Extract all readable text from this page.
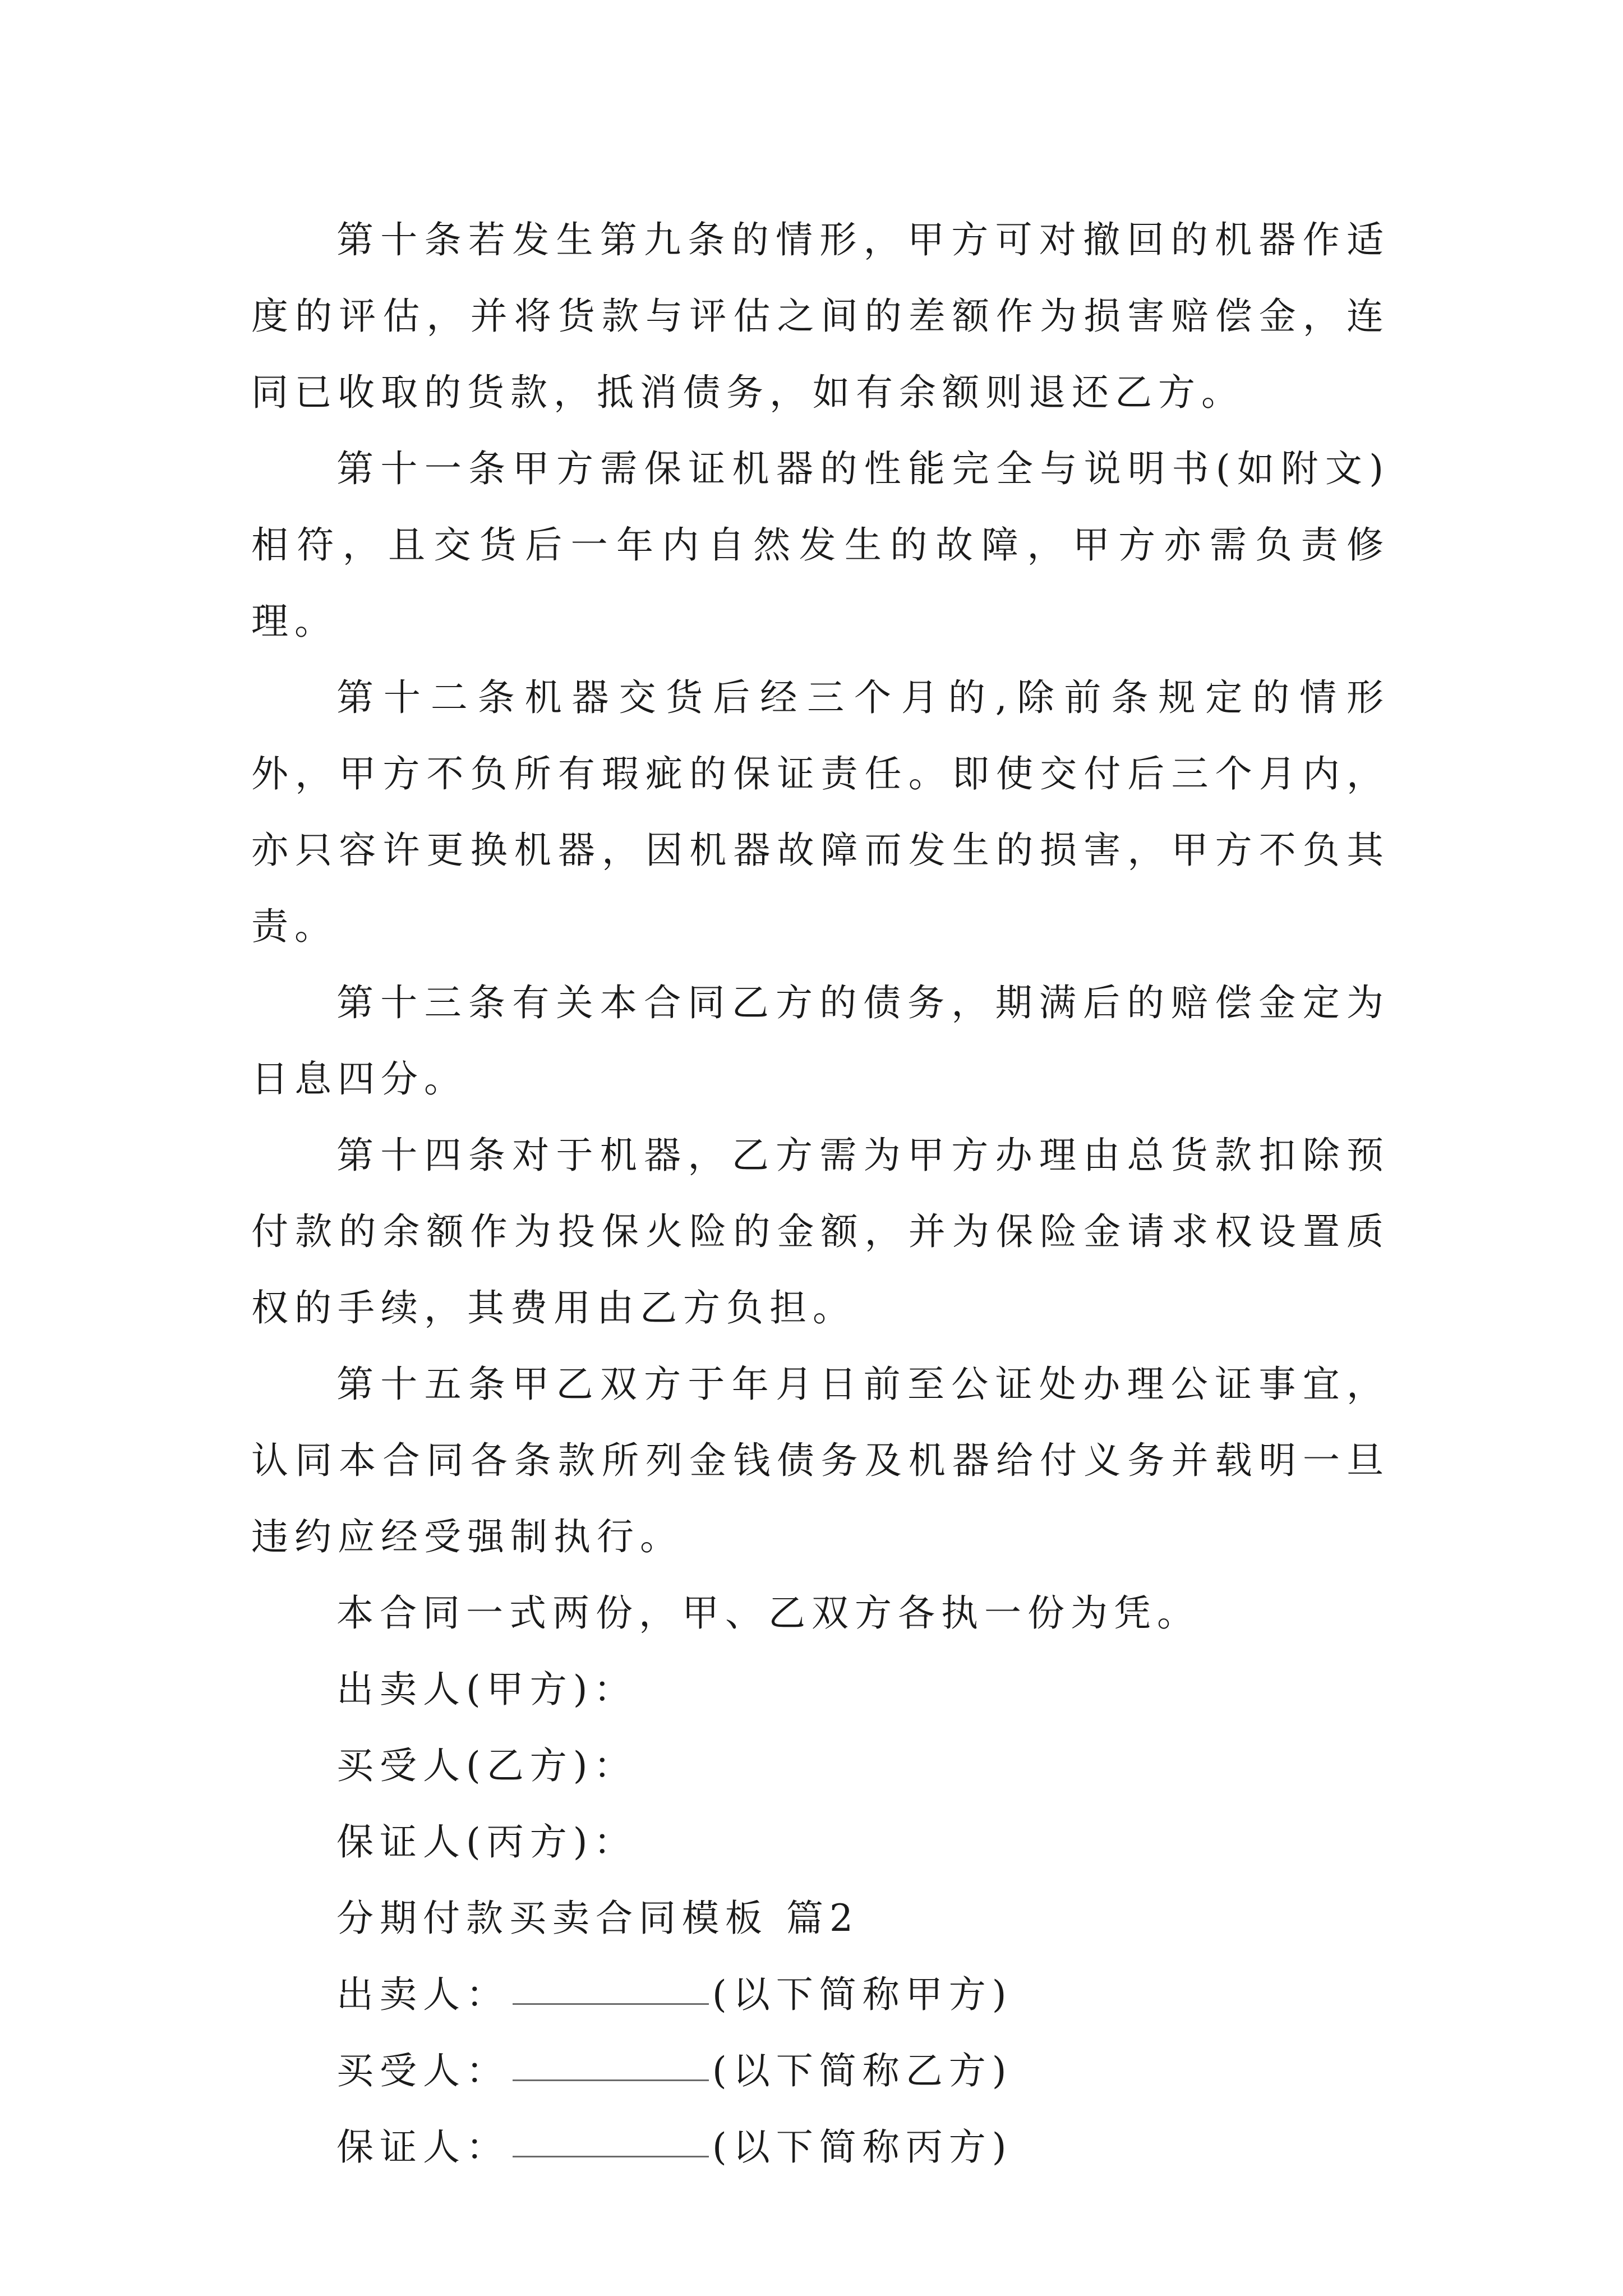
第十条若发生第九条的情形，甲方可对撤回的机器作适度的评估，并将货款与评估之间的差额作为损害赔偿金，连同已收取的货款，抵消债务，如有余额则退还乙方。

第十一条甲方需保证机器的性能完全与说明书(如附文)相符，且交货后一年内自然发生的故障，甲方亦需负责修理。

第十二条机器交货后经三个月的,除前条规定的情形外，甲方不负所有瑕疵的保证责任。即使交付后三个月内，亦只容许更换机器，因机器故障而发生的损害，甲方不负其责。

第十三条有关本合同乙方的债务，期满后的赔偿金定为日息四分。

第十四条对于机器，乙方需为甲方办理由总货款扣除预付款的余额作为投保火险的金额，并为保险金请求权设置质权的手续，其费用由乙方负担。

第十五条甲乙双方于年月日前至公证处办理公证事宜，认同本合同各条款所列金钱债务及机器给付义务并载明一旦违约应经受强制执行。

本合同一式两份，甲、乙双方各执一份为凭。

出卖人(甲方)：

买受人(乙方)：

保证人(丙方)：

分期付款买卖合同模板 篇2

出卖人：	(以下简称甲方)
买受人：	(以下简称乙方)
保证人：	(以下简称丙方)
